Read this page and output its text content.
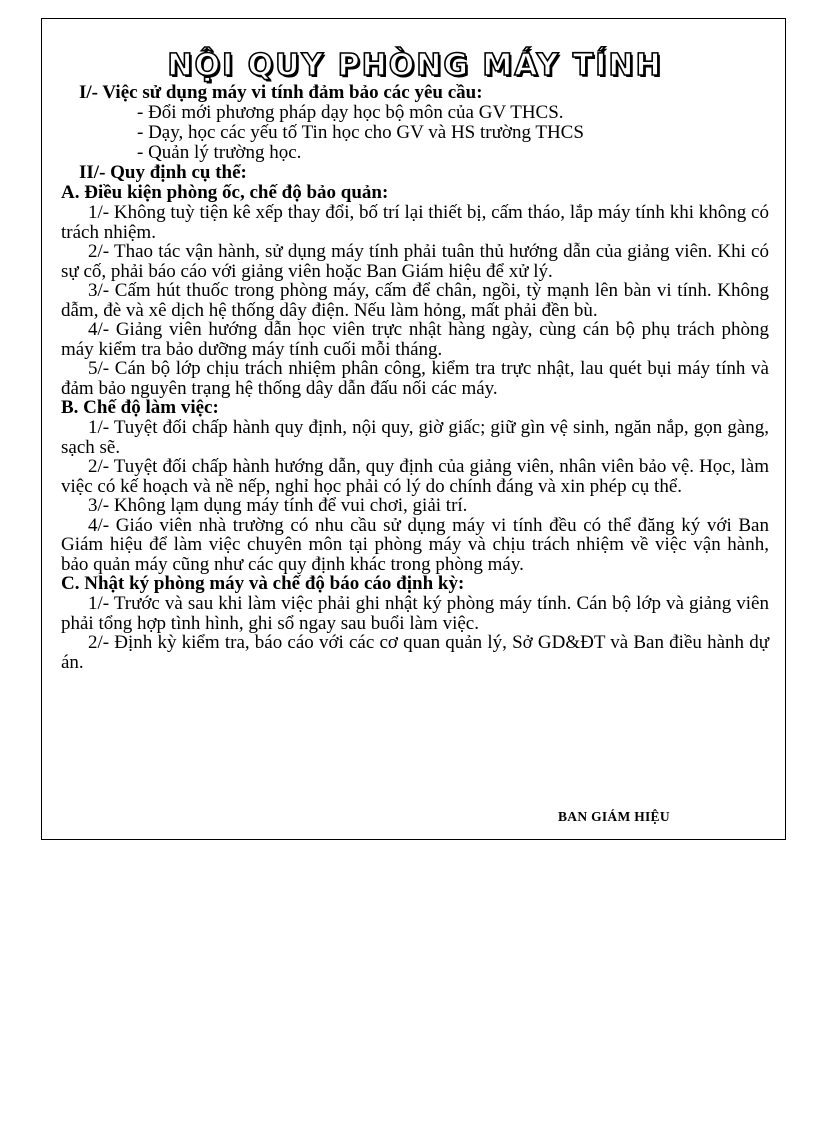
NỘI QUY PHÒNG MÁY TÍNH

I/- Việc sử dụng máy vi tính đảm bảo các yêu cầu:

- Đổi mới phương pháp dạy học bộ môn của GV THCS.

- Dạy, học các yếu tố Tin học cho GV và HS trường THCS

- Quản lý trường học.

II/- Quy định cụ thể:

A. Điều kiện phòng ốc, chế độ bảo quản:

1/- Không tuỳ tiện kê xếp thay đổi, bố trí lại thiết bị, cấm tháo, lắp máy tính khi không có trách nhiệm.

2/- Thao tác vận hành, sử dụng máy tính phải tuân thủ hướng dẫn của giảng viên. Khi có sự cố, phải báo cáo với giảng viên hoặc Ban Giám hiệu để xử lý.

3/- Cấm hút thuốc trong phòng máy, cấm để chân, ngồi, tỳ mạnh lên bàn vi tính. Không dẫm, đè và xê dịch hệ thống dây điện. Nếu làm hỏng, mất phải đền bù.

4/- Giảng viên hướng dẫn học viên trực nhật hàng ngày, cùng cán bộ phụ trách phòng máy kiểm tra bảo dưỡng máy tính cuối mỗi tháng.

5/- Cán bộ lớp chịu trách nhiệm phân công, kiểm tra trực nhật, lau quét bụi máy tính và đảm bảo nguyên trạng hệ thống dây dẫn đấu nối các máy.

B. Chế độ làm việc:

1/- Tuyệt đối chấp hành quy định, nội quy, giờ giấc; giữ gìn vệ sinh, ngăn nắp, gọn gàng, sạch sẽ.

2/- Tuyệt đối chấp hành hướng dẫn, quy định của giảng viên, nhân viên bảo vệ. Học, làm việc có kế hoạch và nề nếp, nghỉ học phải có lý do chính đáng và xin phép cụ thể.

3/- Không lạm dụng máy tính để vui chơi, giải trí.

4/- Giáo viên nhà trường có nhu cầu sử dụng máy vi tính đều có thể đăng ký với Ban Giám hiệu để làm việc chuyên môn tại phòng máy và chịu trách nhiệm về việc vận hành, bảo quản máy cũng như các quy định khác trong phòng máy.

C. Nhật ký phòng máy và chế độ báo cáo định kỳ:

1/- Trước và sau khi làm việc phải ghi nhật ký phòng máy tính. Cán bộ lớp và giảng viên phải tổng hợp tình hình, ghi sổ ngay sau buổi làm việc.

2/- Định kỳ kiểm tra, báo cáo với các cơ quan quản lý, Sở GD&ĐT và Ban điều hành dự án.

BAN GIÁM HIỆU
